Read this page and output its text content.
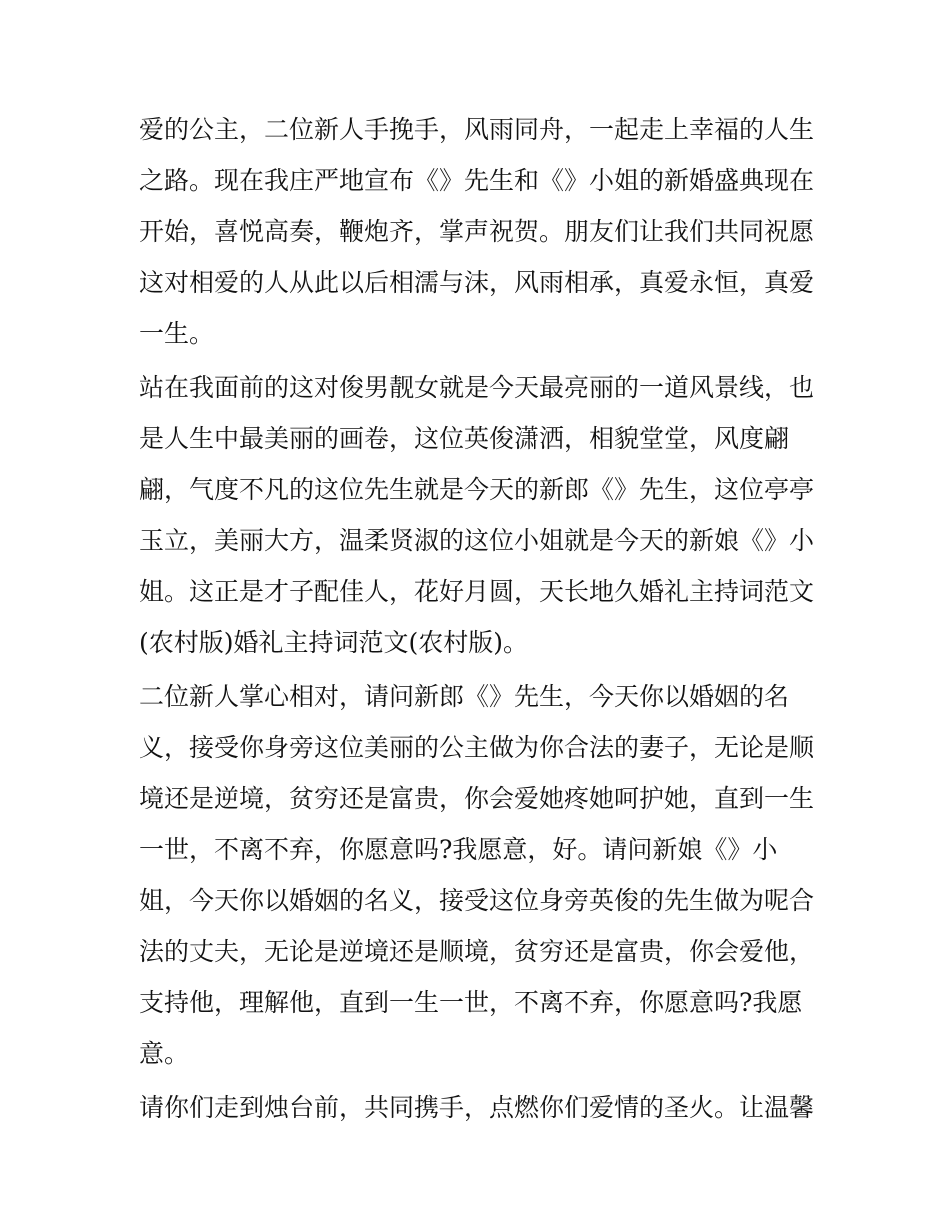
爱的公主，二位新人手挽手，风雨同舟，一起走上幸福的人生
之路。现在我庄严地宣布《》先生和《》小姐的新婚盛典现在
开始，喜悦高奏，鞭炮齐，掌声祝贺。朋友们让我们共同祝愿
这对相爱的人从此以后相濡与沫，风雨相承，真爱永恒，真爱
一生。

站在我面前的这对俊男靓女就是今天最亮丽的一道风景线，也
是人生中最美丽的画卷，这位英俊潇洒，相貌堂堂，风度翩
翩，气度不凡的这位先生就是今天的新郎《》先生，这位亭亭
玉立，美丽大方，温柔贤淑的这位小姐就是今天的新娘《》小
姐。这正是才子配佳人，花好月圆，天长地久婚礼主持词范文
(农村版)婚礼主持词范文(农村版)。

二位新人掌心相对，请问新郎《》先生，今天你以婚姻的名
义，接受你身旁这位美丽的公主做为你合法的妻子，无论是顺
境还是逆境，贫穷还是富贵，你会爱她疼她呵护她，直到一生
一世，不离不弃，你愿意吗?我愿意，好。请问新娘《》小
姐，今天你以婚姻的名义，接受这位身旁英俊的先生做为呢合
法的丈夫，无论是逆境还是顺境，贫穷还是富贵，你会爱他，
支持他，理解他，直到一生一世，不离不弃，你愿意吗?我愿
意。

请你们走到烛台前，共同携手，点燃你们爱情的圣火。让温馨
